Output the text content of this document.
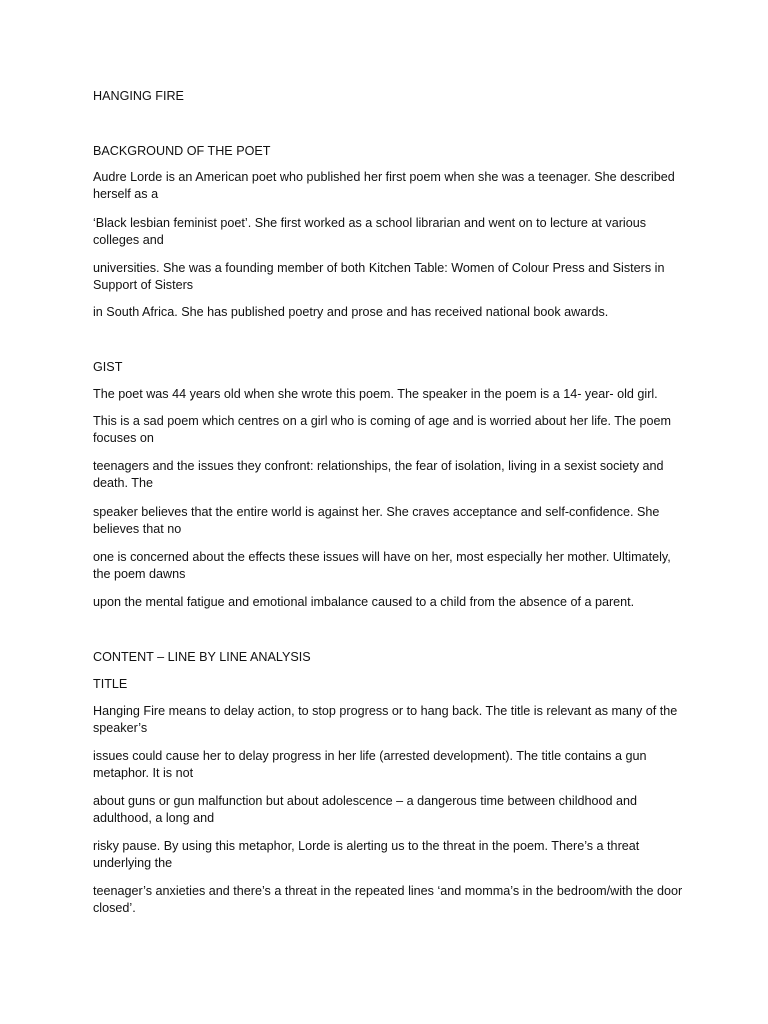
HANGING FIRE

BACKGROUND OF THE POET

Audre Lorde is an American poet who published her first poem when she was a teenager. She described herself as a

‘Black lesbian feminist poet’. She first worked as a school librarian and went on to lecture at various colleges and

universities. She was a founding member of both Kitchen Table: Women of Colour Press and Sisters in Support of Sisters

in South Africa. She has published poetry and prose and has received national book awards.

GIST

The poet was 44 years old when she wrote this poem. The speaker in the poem is a 14- year- old girl.

This is a sad poem which centres on a girl who is coming of age and is worried about her life. The poem focuses on

teenagers and the issues they confront: relationships, the fear of isolation, living in a sexist society and death. The

speaker believes that the entire world is against her. She craves acceptance and self-confidence. She believes that no

one is concerned about the effects these issues will have on her, most especially her mother. Ultimately, the poem dawns

upon the mental fatigue and emotional imbalance caused to a child from the absence of a parent.

CONTENT – LINE BY LINE ANALYSIS

TITLE

Hanging Fire means to delay action, to stop progress or to hang back. The title is relevant as many of the speaker’s

issues could cause her to delay progress in her life (arrested development). The title contains a gun metaphor. It is not

about guns or gun malfunction but about adolescence – a dangerous time between childhood and adulthood, a long and

risky pause. By using this metaphor, Lorde is alerting us to the threat in the poem. There’s a threat underlying the

teenager’s anxieties and there’s a threat in the repeated lines ‘and momma’s in the bedroom/with the door closed’.
